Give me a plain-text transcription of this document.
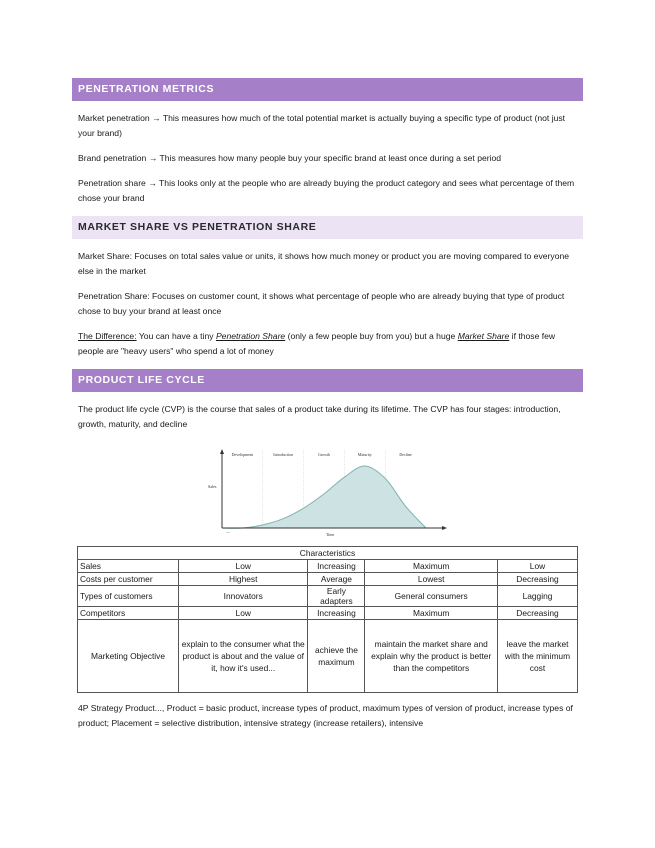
PENETRATION METRICS
Market penetration → This measures how much of the total potential market is actually buying a specific type of product (not just your brand)
Brand penetration → This measures how many people buy your specific brand at least once during a set period
Penetration share → This looks only at the people who are already buying the product category and sees what percentage of them chose your brand
MARKET SHARE VS PENETRATION SHARE
Market Share: Focuses on total sales value or units, it shows how much money or product you are moving compared to everyone else in the market
Penetration Share: Focuses on customer count, it shows what percentage of people who are already buying that type of product chose to buy your brand at least once
The Difference: You can have a tiny Penetration Share (only a few people buy from you) but a huge Market Share if those few people are "heavy users" who spend a lot of money
PRODUCT LIFE CYCLE
The product life cycle (CVP) is the course that sales of a product take during its lifetime. The CVP has four stages: introduction, growth, maturity, and decline
Development	Introduction	Growth	Maturity	Decline
Sales
Time
—
Characteristics				
Sales	Low	Increasing	Maximum	Low
Costs per customer	Highest	Average	Lowest	Decreasing
Types of customers	Innovators	Early adapters	General consumers	Lagging
Competitors	Low	Increasing	Maximum	Decreasing
Marketing Objective	explain to the consumer what the product is about and the value of it, how it's used...	achieve the maximum	maintain the market share and explain why the product is better than the competitors	leave the market with the minimum cost
4P Strategy Product..., Product = basic product, increase types of product, maximum types of version of product, increase types of product; Placement = selective distribution, intensive strategy (increase retailers), intensive
